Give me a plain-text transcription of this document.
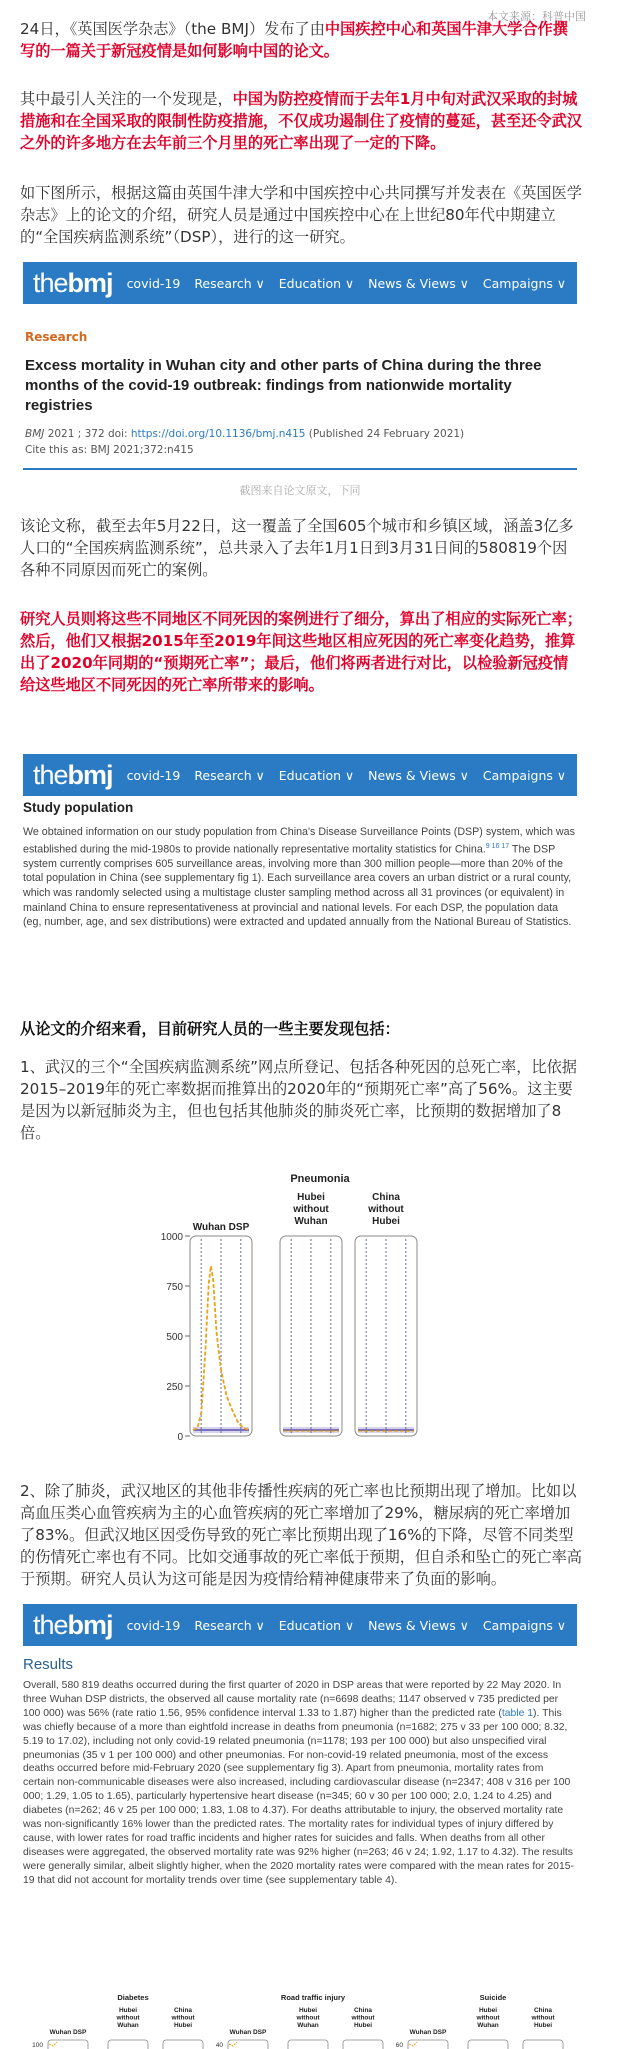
本文来源：科普中国
24日，《英国医学杂志》（the BMJ）发布了由中国疾控中心和英国牛津大学合作撰写的一篇关于新冠疫情是如何影响中国的论文。
其中最引人关注的一个发现是，中国为防控疫情而于去年1月中旬对武汉采取的封城措施和在全国采取的限制性防疫措施，不仅成功遏制住了疫情的蔓延，甚至还令武汉之外的许多地方在去年前三个月里的死亡率出现了一定的下降。
如下图所示，根据这篇由英国牛津大学和中国疾控中心共同撰写并发表在《英国医学杂志》上的论文的介绍，研究人员是通过中国疾控中心在上世纪80年代中期建立的“全国疾病监测系统”（DSP），进行的这一研究。
thebmj covid-19 Research ∨ Education ∨ News & Views ∨ Campaigns ∨ Jobs ∨
Research
Excess mortality in Wuhan city and other parts of China during the three months of the covid-19 outbreak: findings from nationwide mortality registries
BMJ 2021 ; 372 doi: https://doi.org/10.1136/bmj.n415 (Published 24 February 2021)
Cite this as: BMJ 2021;372:n415
截图来自论文原文，下同
该论文称，截至去年5月22日，这一覆盖了全国605个城市和乡镇区域，涵盖3亿多人口的“全国疾病监测系统”，总共录入了去年1月1日到3月31日间的580819个因各种不同原因而死亡的案例。
研究人员则将这些不同地区不同死因的案例进行了细分，算出了相应的实际死亡率；然后，他们又根据2015年至2019年间这些地区相应死因的死亡率变化趋势，推算出了2020年同期的“预期死亡率”；最后，他们将两者进行对比，以检验新冠疫情给这些地区不同死因的死亡率所带来的影响。
thebmj covid-19 Research ∨ Education ∨ News & Views ∨ Campaigns ∨ Jobs ∨
Study population
We obtained information on our study population from China's Disease Surveillance Points (DSP) system, which was established during the mid-1980s to provide nationally representative mortality statistics for China.$^{9 16 17}$ The DSP system currently comprises 605 surveillance areas, involving more than 300 million people—more than 20% of the total population in China (see supplementary fig 1). Each surveillance area covers an urban district or a rural county, which was randomly selected using a multistage cluster sampling method across all 31 provinces (or equivalent) in mainland China to ensure representativeness at provincial and national levels. For each DSP, the population data (eg, number, age, and sex distributions) were extracted and updated annually from the National Bureau of Statistics.
从论文的介绍来看，目前研究人员的一些主要发现包括：
1、武汉的三个“全国疾病监测系统”网点所登记、包括各种死因的总死亡率，比依据2015–2019年的死亡率数据而推算出的2020年的“预期死亡率”高了56%。这主要是因为以新冠肺炎为主，但也包括其他肺炎的肺炎死亡率，比预期的数据增加了8倍。
Pneumonia
Wuhan DSP
Hubei
without
Wuhan
China
without
Hubei
0
250
500
750
1000
2、除了肺炎，武汉地区的其他非传播性疾病的死亡率也比预期出现了增加。比如以高血压类心血管疾病为主的心血管疾病的死亡率增加了29%，糖尿病的死亡率增加了83%。但武汉地区因受伤导致的死亡率比预期出现了16%的下降，尽管不同类型的伤情死亡率也有不同。比如交通事故的死亡率低于预期，但自杀和坠亡的死亡率高于预期。研究人员认为这可能是因为疫情给精神健康带来了负面的影响。
thebmj covid-19 Research ∨ Education ∨ News & Views ∨ Campaigns ∨ Jobs ∨
Results
Overall, 580 819 deaths occurred during the first quarter of 2020 in DSP areas that were reported by 22 May 2020. In three Wuhan DSP districts, the observed all cause mortality rate (n=6698 deaths; 1147 observed v 735 predicted per 100 000) was 56% (rate ratio 1.56, 95% confidence interval 1.33 to 1.87) higher than the predicted rate (table 1). This was chiefly because of a more than eightfold increase in deaths from pneumonia (n=1682; 275 v 33 per 100 000; 8.32, 5.19 to 17.02), including not only covid-19 related pneumonia (n=1178; 193 per 100 000) but also unspecified viral pneumonias (35 v 1 per 100 000) and other pneumonias. For non-covid-19 related pneumonia, most of the excess deaths occurred before mid-February 2020 (see supplementary fig 3). Apart from pneumonia, mortality rates from certain non-communicable diseases were also increased, including cardiovascular disease (n=2347; 408 v 316 per 100 000; 1.29, 1.05 to 1.65), particularly hypertensive heart disease (n=345; 60 v 30 per 100 000; 2.0, 1.24 to 4.25) and diabetes (n=262; 46 v 25 per 100 000; 1.83, 1.08 to 4.37). For deaths attributable to injury, the observed mortality rate was non-significantly 16% lower than the predicted rates. The mortality rates for individual types of injury differed by cause, with lower rates for road traffic incidents and higher rates for suicides and falls. When deaths from all other diseases were aggregated, the observed mortality rate was 92% higher (n=263; 46 v 24; 1.92, 1.17 to 4.32). The results were generally similar, albeit slightly higher, when the 2020 mortality rates were compared with the mean rates for 2015-19 that did not account for mortality trends over time (see supplementary table 4).
Diabetes
Wuhan DSP
Hubei
without
Wuhan
China
without
Hubei
100
Road traffic injury
Wuhan DSP
Hubei
without
Wuhan
China
without
Hubei
40
Suicide
Wuhan DSP
Hubei
without
Wuhan
China
without
Hubei
60
